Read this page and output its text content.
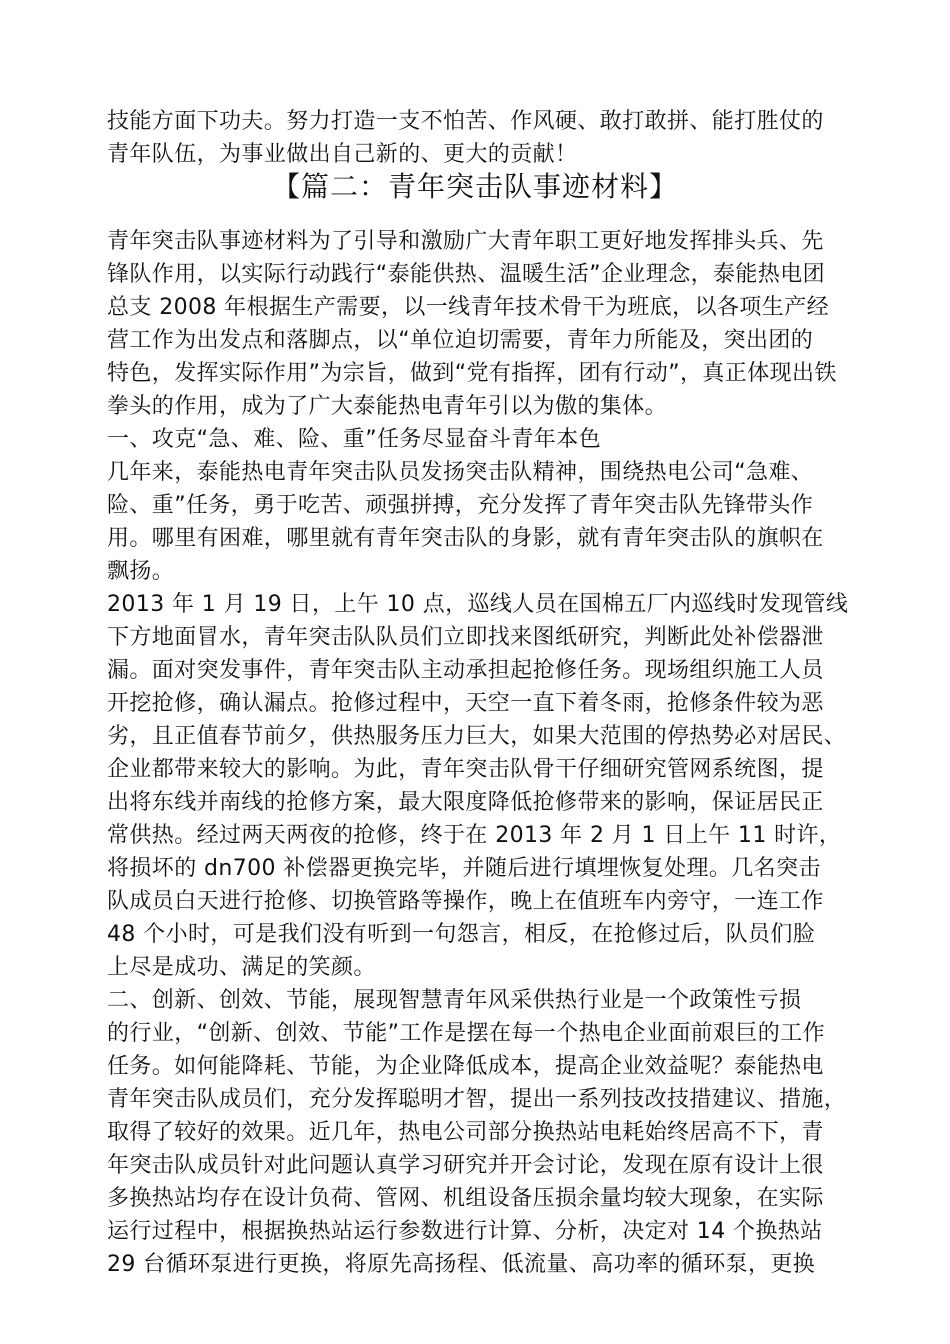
技能方面下功夫。努力打造一支不怕苦、作风硬、敢打敢拼、能打胜仗的
青年队伍，为事业做出自己新的、更大的贡献！
【篇二：青年突击队事迹材料】
青年突击队事迹材料为了引导和激励广大青年职工更好地发挥排头兵、先
锋队作用，以实际行动践行“泰能供热、温暖生活”企业理念，泰能热电团
总支 2008 年根据生产需要，以一线青年技术骨干为班底，以各项生产经
营工作为出发点和落脚点，以“单位迫切需要，青年力所能及，突出团的
特色，发挥实际作用”为宗旨，做到“党有指挥，团有行动”，真正体现出铁
拳头的作用，成为了广大泰能热电青年引以为傲的集体。
一、攻克“急、难、险、重”任务尽显奋斗青年本色
几年来，泰能热电青年突击队员发扬突击队精神，围绕热电公司“急难、
险、重”任务，勇于吃苦、顽强拼搏，充分发挥了青年突击队先锋带头作
用。哪里有困难，哪里就有青年突击队的身影，就有青年突击队的旗帜在
飘扬。
2013 年 1 月 19 日，上午 10 点，巡线人员在国棉五厂内巡线时发现管线
下方地面冒水，青年突击队队员们立即找来图纸研究，判断此处补偿器泄
漏。面对突发事件，青年突击队主动承担起抢修任务。现场组织施工人员
开挖抢修，确认漏点。抢修过程中，天空一直下着冬雨，抢修条件较为恶
劣，且正值春节前夕，供热服务压力巨大，如果大范围的停热势必对居民、
企业都带来较大的影响。为此，青年突击队骨干仔细研究管网系统图，提
出将东线并南线的抢修方案，最大限度降低抢修带来的影响，保证居民正
常供热。经过两天两夜的抢修，终于在 2013 年 2 月 1 日上午 11 时许，
将损坏的 dn700 补偿器更换完毕，并随后进行填埋恢复处理。几名突击
队成员白天进行抢修、切换管路等操作，晚上在值班车内旁守，一连工作
48 个小时，可是我们没有听到一句怨言，相反，在抢修过后，队员们脸
上尽是成功、满足的笑颜。
二、创新、创效、节能，展现智慧青年风采供热行业是一个政策性亏损
的行业，“创新、创效、节能”工作是摆在每一个热电企业面前艰巨的工作
任务。如何能降耗、节能，为企业降低成本，提高企业效益呢？泰能热电
青年突击队成员们，充分发挥聪明才智，提出一系列技改技措建议、措施，
取得了较好的效果。近几年，热电公司部分换热站电耗始终居高不下，青
年突击队成员针对此问题认真学习研究并开会讨论，发现在原有设计上很
多换热站均存在设计负荷、管网、机组设备压损余量均较大现象，在实际
运行过程中，根据换热站运行参数进行计算、分析，决定对 14 个换热站
29 台循环泵进行更换，将原先高扬程、低流量、高功率的循环泵，更换
